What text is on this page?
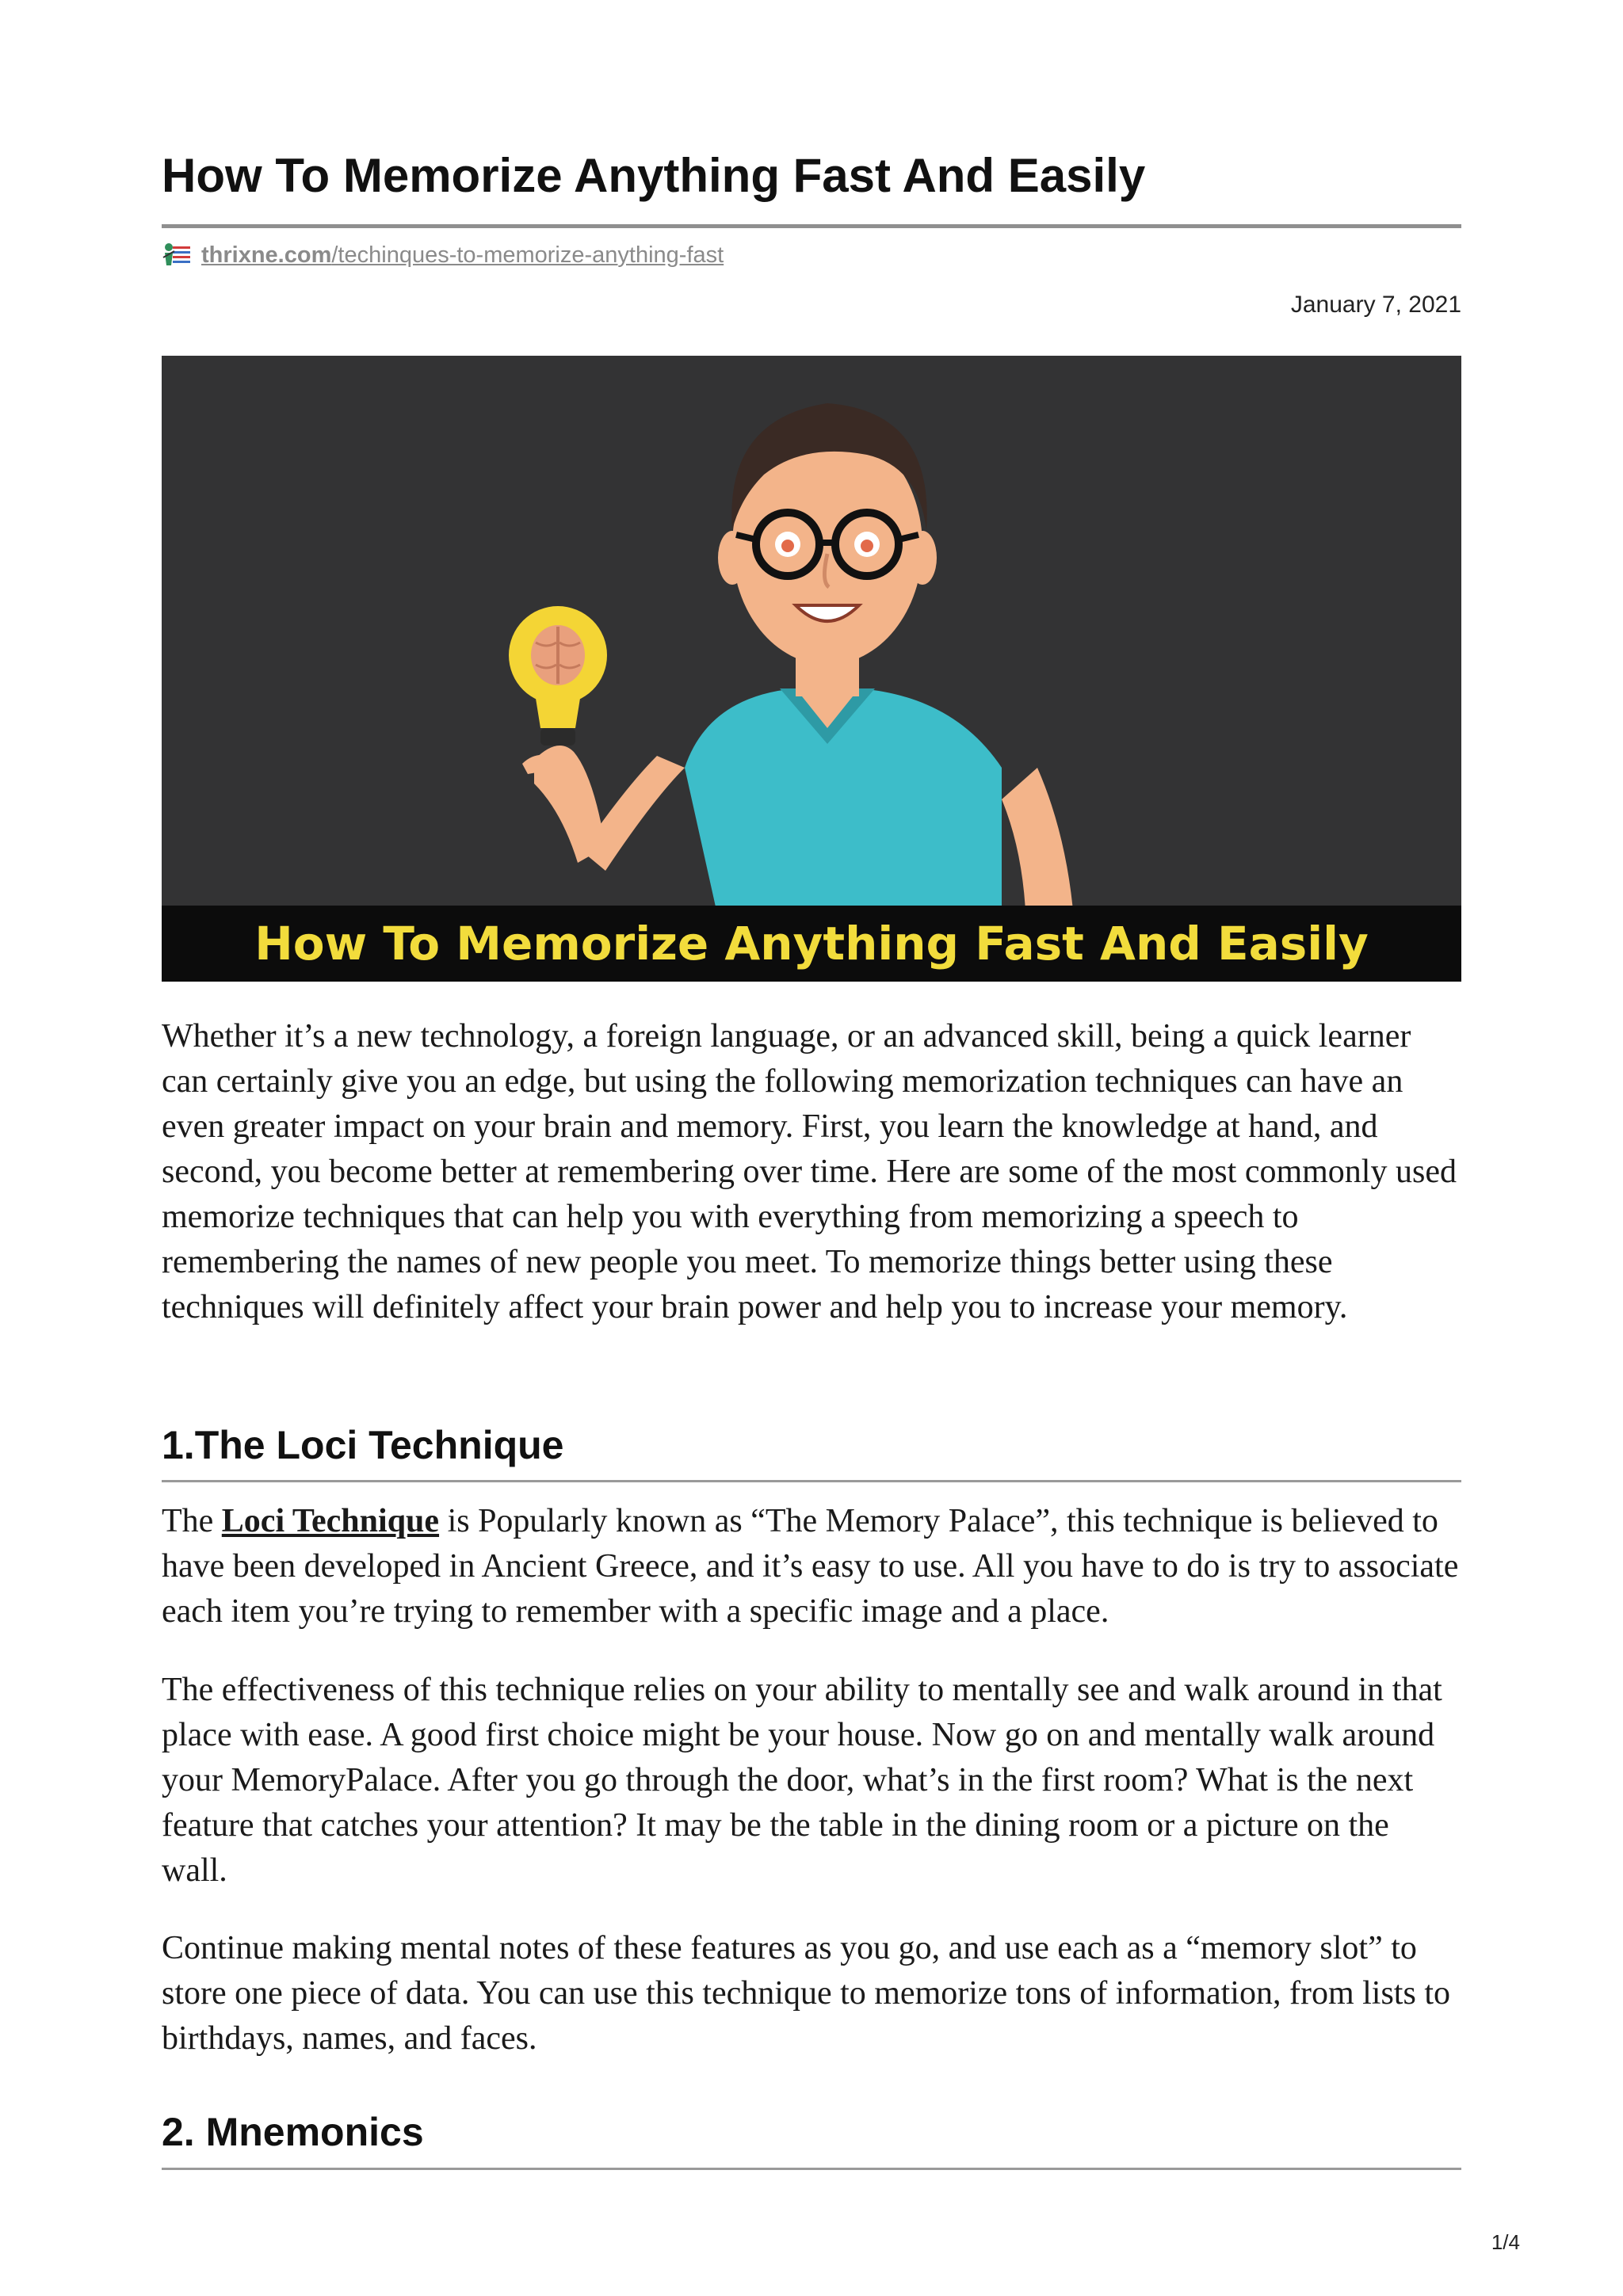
How To Memorize Anything Fast And Easily
thrixne.com/techinques-to-memorize-anything-fast
January 7, 2021
How To Memorize Anything Fast And Easily

Whether it’s a new technology, a foreign language, or an advanced skill, being a quick learner can certainly give you an edge, but using the following memorization techniques can have an even greater impact on your brain and memory. First, you learn the knowledge at hand, and second, you become better at remembering over time. Here are some of the most commonly used memorize techniques that can help you with everything from memorizing a speech to remembering the names of new people you meet. To memorize things better using these techniques will definitely affect your brain power and help you to increase your memory.

1.The Loci Technique

The Loci Technique is Popularly known as “The Memory Palace”, this technique is believed to have been developed in Ancient Greece, and it’s easy to use. All you have to do is try to associate each item you’re trying to remember with a specific image and a place.

The effectiveness of this technique relies on your ability to mentally see and walk around in that place with ease. A good first choice might be your house. Now go on and mentally walk around your MemoryPalace. After you go through the door, what’s in the first room? What is the next feature that catches your attention? It may be the table in the dining room or a picture on the wall.

Continue making mental notes of these features as you go, and use each as a “memory slot” to store one piece of data. You can use this technique to memorize tons of information, from lists to birthdays, names, and faces.

2. Mnemonics
1/4
